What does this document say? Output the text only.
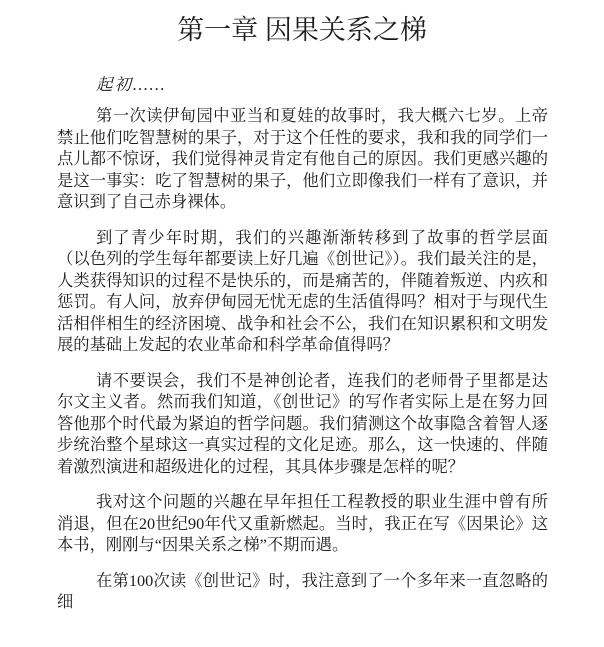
第一章 因果关系之梯
起初……

第一次读伊甸园中亚当和夏娃的故事时，我大概六七岁。上帝禁止他们吃智慧树的果子，对于这个任性的要求，我和我的同学们一点儿都不惊讶，我们觉得神灵肯定有他自己的原因。我们更感兴趣的是这一事实：吃了智慧树的果子，他们立即像我们一样有了意识，并意识到了自己赤身裸体。

到了青少年时期，我们的兴趣渐渐转移到了故事的哲学层面（以色列的学生每年都要读上好几遍《创世记》）。我们最关注的是，人类获得知识的过程不是快乐的，而是痛苦的，伴随着叛逆、内疚和惩罚。有人问，放弃伊甸园无忧无虑的生活值得吗？相对于与现代生活相伴相生的经济困境、战争和社会不公，我们在知识累积和文明发展的基础上发起的农业革命和科学革命值得吗？

请不要误会，我们不是神创论者，连我们的老师骨子里都是达尔文主义者。然而我们知道，《创世记》的写作者实际上是在努力回答他那个时代最为紧迫的哲学问题。我们猜测这个故事隐含着智人逐步统治整个星球这一真实过程的文化足迹。那么，这一快速的、伴随着激烈演进和超级进化的过程，其具体步骤是怎样的呢？

我对这个问题的兴趣在早年担任工程教授的职业生涯中曾有所消退，但在20世纪90年代又重新燃起。当时，我正在写《因果论》这本书，刚刚与“因果关系之梯”不期而遇。

在第100次读《创世记》时，我注意到了一个多年来一直忽略的细
